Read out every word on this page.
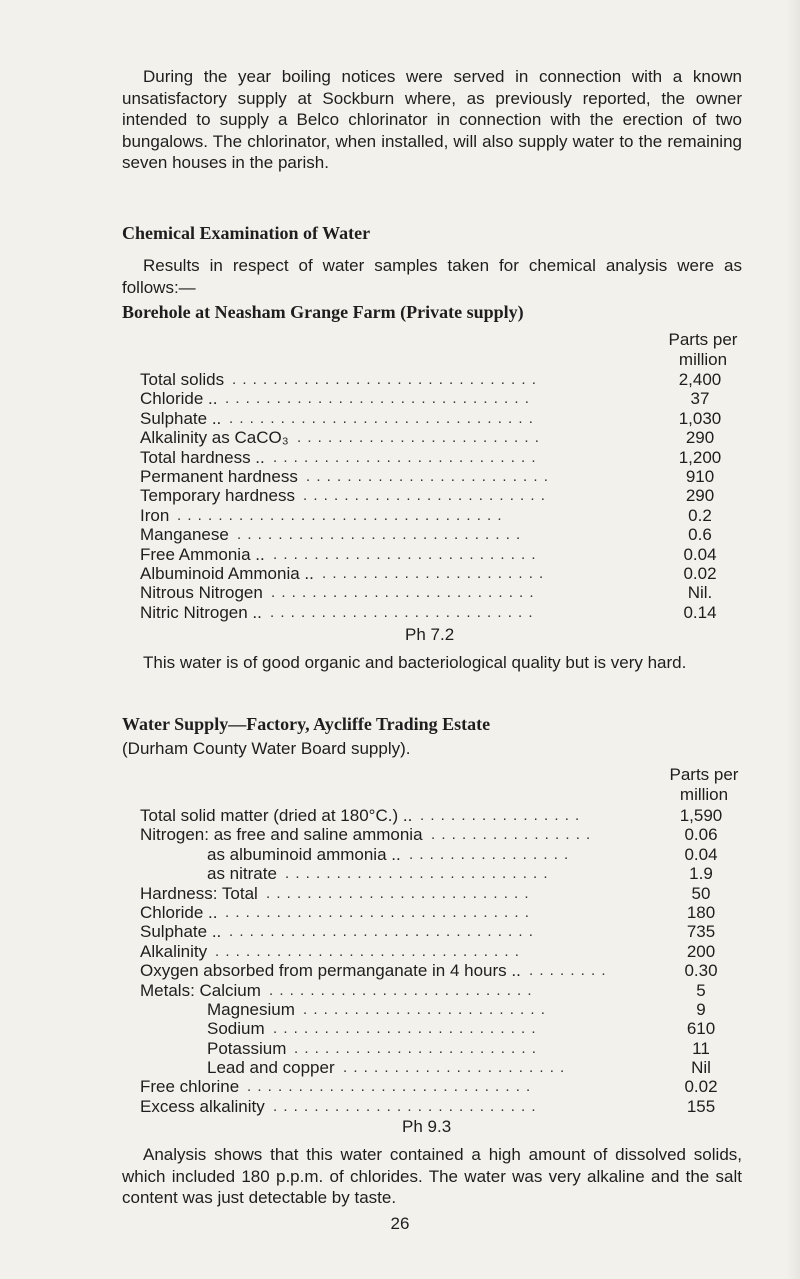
During the year boiling notices were served in connection with a known unsatisfactory supply at Sockburn where, as previously reported, the owner intended to supply a Belco chlorinator in connection with the erection of two bungalows. The chlorinator, when installed, will also supply water to the remaining seven houses in the parish.

Chemical Examination of Water

Results in respect of water samples taken for chemical analysis were as follows:—

Borehole at Neasham Grange Farm (Private supply)
Parts per
million
Total solids	2,400
. . . . . . . . . . . . . . . . . . . . . . . . . . . . . .
Chloride ..	37
. . . . . . . . . . . . . . . . . . . . . . . . . . . . . .
Sulphate ..	1,030
. . . . . . . . . . . . . . . . . . . . . . . . . . . . . .
Alkalinity as CaCO₃	290
. . . . . . . . . . . . . . . . . . . . . . . .
Total hardness ..	1,200
. . . . . . . . . . . . . . . . . . . . . . . . . .
Permanent hardness	910
. . . . . . . . . . . . . . . . . . . . . . . .
Temporary hardness	290
. . . . . . . . . . . . . . . . . . . . . . . .
Iron	0.2
. . . . . . . . . . . . . . . . . . . . . . . . . . . . . . . .
Manganese	0.6
. . . . . . . . . . . . . . . . . . . . . . . . . . . .
Free Ammonia ..	0.04
. . . . . . . . . . . . . . . . . . . . . . . . . .
Albuminoid Ammonia ..	0.02
. . . . . . . . . . . . . . . . . . . . . .
Nitrous Nitrogen	Nil.
. . . . . . . . . . . . . . . . . . . . . . . . . .
Nitric Nitrogen ..	0.14
. . . . . . . . . . . . . . . . . . . . . . . . . .
Ph 7.2

This water is of good organic and bacteriological quality but is very hard.

Water Supply—Factory, Aycliffe Trading Estate
(Durham County Water Board supply).
Parts per
million
Total solid matter (dried at 180°C.) ..	1,590
. . . . . . . . . . . . . . . .
Nitrogen: as free and saline ammonia	0.06
. . . . . . . . . . . . . . . .
as albuminoid ammonia ..	0.04
. . . . . . . . . . . . . . . .
as nitrate	1.9
. . . . . . . . . . . . . . . . . . . . . . . . . .
Hardness: Total	50
. . . . . . . . . . . . . . . . . . . . . . . . . .
Chloride ..	180
. . . . . . . . . . . . . . . . . . . . . . . . . . . . . .
Sulphate ..	735
. . . . . . . . . . . . . . . . . . . . . . . . . . . . . .
Alkalinity	200
. . . . . . . . . . . . . . . . . . . . . . . . . . . . . .
Oxygen absorbed from permanganate in 4 hours ..	0.30
. . . . . . . .
Metals: Calcium	5
. . . . . . . . . . . . . . . . . . . . . . . . . .
Magnesium	9
. . . . . . . . . . . . . . . . . . . . . . . .
Sodium	610
. . . . . . . . . . . . . . . . . . . . . . . . . .
Potassium	11
. . . . . . . . . . . . . . . . . . . . . . . .
Lead and copper	Nil
. . . . . . . . . . . . . . . . . . . . . .
Free chlorine	0.02
. . . . . . . . . . . . . . . . . . . . . . . . . . . .
Excess alkalinity	155
. . . . . . . . . . . . . . . . . . . . . . . . . .
Ph 9.3

Analysis shows that this water contained a high amount of dissolved solids, which included 180 p.p.m. of chlorides. The water was very alkaline and the salt content was just detectable by taste.

26
